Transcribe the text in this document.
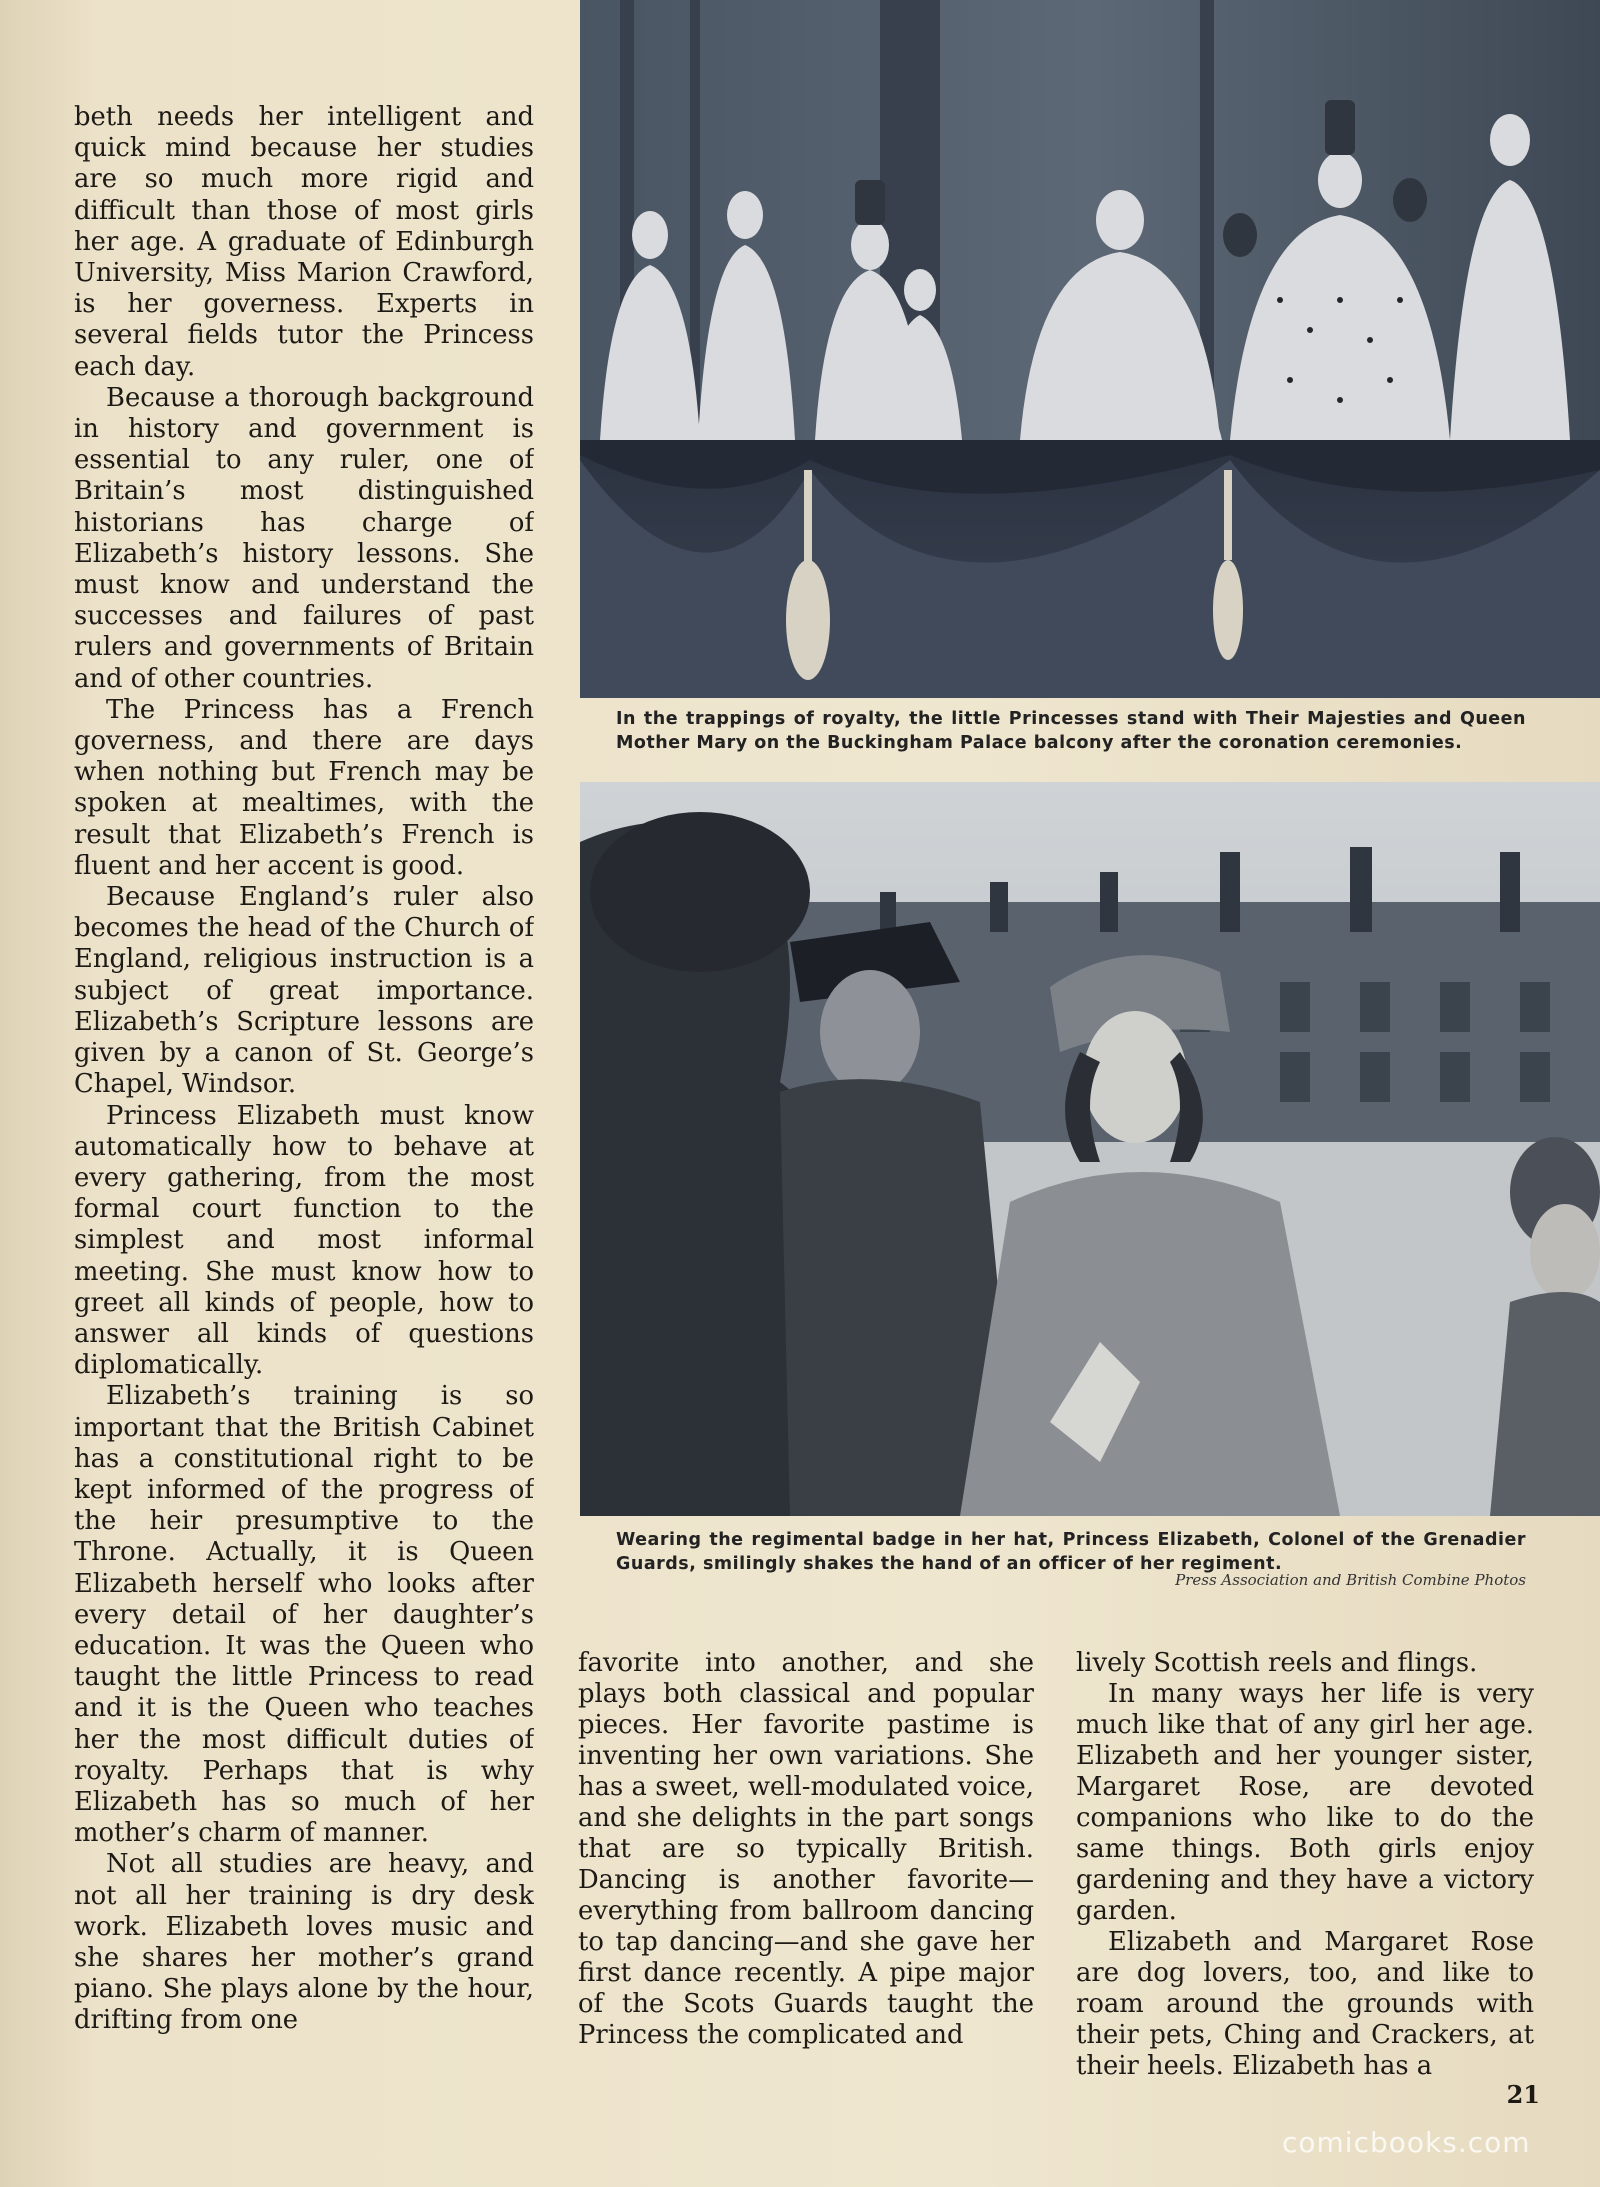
beth needs her intelligent and quick mind because her studies are so much more rigid and difficult than those of most girls her age. A graduate of Edinburgh University, Miss Marion Crawford, is her governess. Experts in several fields tutor the Princess each day.

Because a thorough background in history and government is essential to any ruler, one of Britain’s most distinguished historians has charge of Elizabeth’s history lessons. She must know and understand the successes and failures of past rulers and governments of Britain and of other countries.

The Princess has a French governess, and there are days when nothing but French may be spoken at mealtimes, with the result that Elizabeth’s French is fluent and her accent is good.

Because England’s ruler also becomes the head of the Church of England, religious instruction is a subject of great importance. Elizabeth’s Scripture lessons are given by a canon of St. George’s Chapel, Windsor.

Princess Elizabeth must know automatically how to behave at every gathering, from the most formal court function to the simplest and most informal meeting. She must know how to greet all kinds of people, how to answer all kinds of questions diplomatically.

Elizabeth’s training is so important that the British Cabinet has a constitutional right to be kept informed of the progress of the heir presumptive to the Throne. Actually, it is Queen Elizabeth herself who looks after every detail of her daughter’s education. It was the Queen who taught the little Princess to read and it is the Queen who teaches her the most difficult duties of royalty. Perhaps that is why Elizabeth has so much of her mother’s charm of manner.

Not all studies are heavy, and not all her training is dry desk work. Elizabeth loves music and she shares her mother’s grand piano. She plays alone by the hour, drifting from one

In the trappings of royalty, the little Princesses stand with Their Majesties and Queen Mother Mary on the Buckingham Palace balcony after the coronation ceremonies.
Wearing the regimental badge in her hat, Princess Elizabeth, Colonel of the Grenadier Guards, smilingly shakes the hand of an officer of her regiment.
Press Association and British Combine Photos

favorite into another, and she plays both classical and popular pieces. Her favorite pastime is inventing her own variations. She has a sweet, well-modulated voice, and she delights in the part songs that are so typically British. Dancing is another favorite—everything from ballroom dancing to tap dancing—and she gave her first dance recently. A pipe major of the Scots Guards taught the Princess the complicated and

lively Scottish reels and flings.

In many ways her life is very much like that of any girl her age. Elizabeth and her younger sister, Margaret Rose, are devoted companions who like to do the same things. Both girls enjoy gardening and they have a victory garden.

Elizabeth and Margaret Rose are dog lovers, too, and like to roam around the grounds with their pets, Ching and Crackers, at their heels. Elizabeth has a

21
comicbooks.com
